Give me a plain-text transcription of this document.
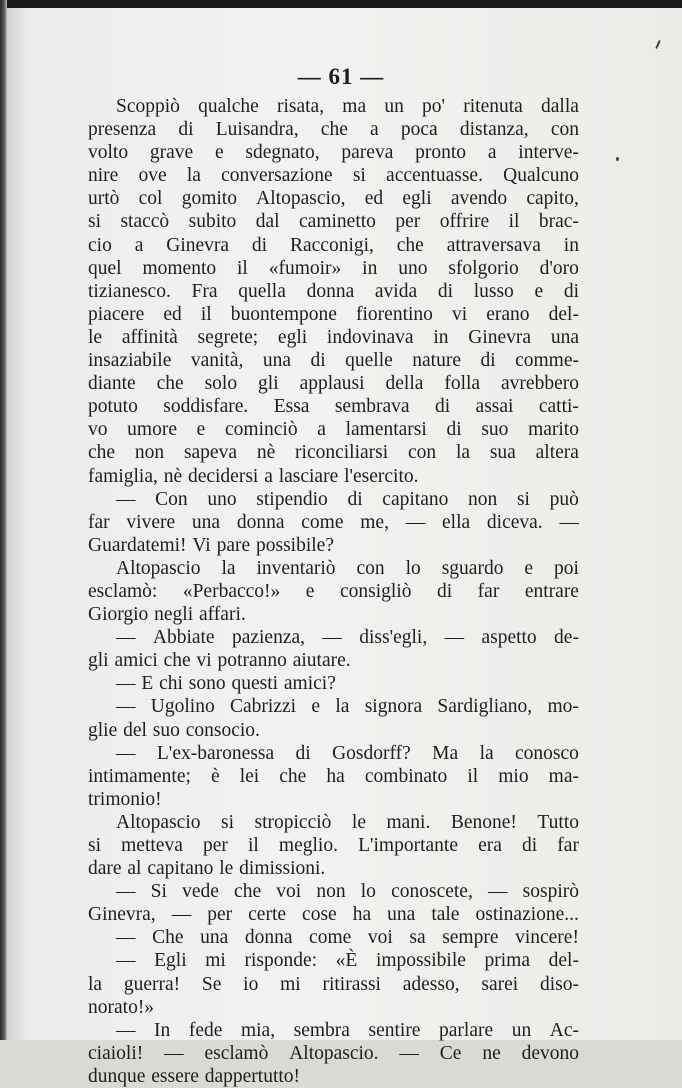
— 61 —
Scoppiò qualche risata, ma un po' ritenuta dalla
presenza di Luisandra, che a poca distanza, con
volto grave e sdegnato, pareva pronto a interve-
nire ove la conversazione si accentuasse. Qualcuno
urtò col gomito Altopascio, ed egli avendo capito,
si staccò subito dal caminetto per offrire il brac-
cio a Ginevra di Racconigi, che attraversava in
quel momento il «fumoir» in uno sfolgorio d'oro
tizianesco. Fra quella donna avida di lusso e di
piacere ed il buontempone fiorentino vi erano del-
le affinità segrete; egli indovinava in Ginevra una
insaziabile vanità, una di quelle nature di comme-
diante che solo gli applausi della folla avrebbero
potuto soddisfare. Essa sembrava di assai catti-
vo umore e cominciò a lamentarsi di suo marito
che non sapeva nè riconciliarsi con la sua altera
famiglia, nè decidersi a lasciare l'esercito.
— Con uno stipendio di capitano non si può
far vivere una donna come me, — ella diceva. —
Guardatemi! Vi pare possibile?
Altopascio la inventariò con lo sguardo e poi
esclamò: «Perbacco!» e consigliò di far entrare
Giorgio negli affari.
— Abbiate pazienza, — diss'egli, — aspetto de-
gli amici che vi potranno aiutare.
— E chi sono questi amici?
— Ugolino Cabrizzi e la signora Sardigliano, mo-
glie del suo consocio.
— L'ex-baronessa di Gosdorff? Ma la conosco
intimamente; è lei che ha combinato il mio ma-
trimonio!
Altopascio si stropicciò le mani. Benone! Tutto
si metteva per il meglio. L'importante era di far
dare al capitano le dimissioni.
— Si vede che voi non lo conoscete, — sospirò
Ginevra, — per certe cose ha una tale ostinazione...
— Che una donna come voi sa sempre vincere!
— Egli mi risponde: «È impossibile prima del-
la guerra! Se io mi ritirassi adesso, sarei diso-
norato!»
— In fede mia, sembra sentire parlare un Ac-
ciaioli! — esclamò Altopascio. — Ce ne devono
dunque essere dappertutto!
